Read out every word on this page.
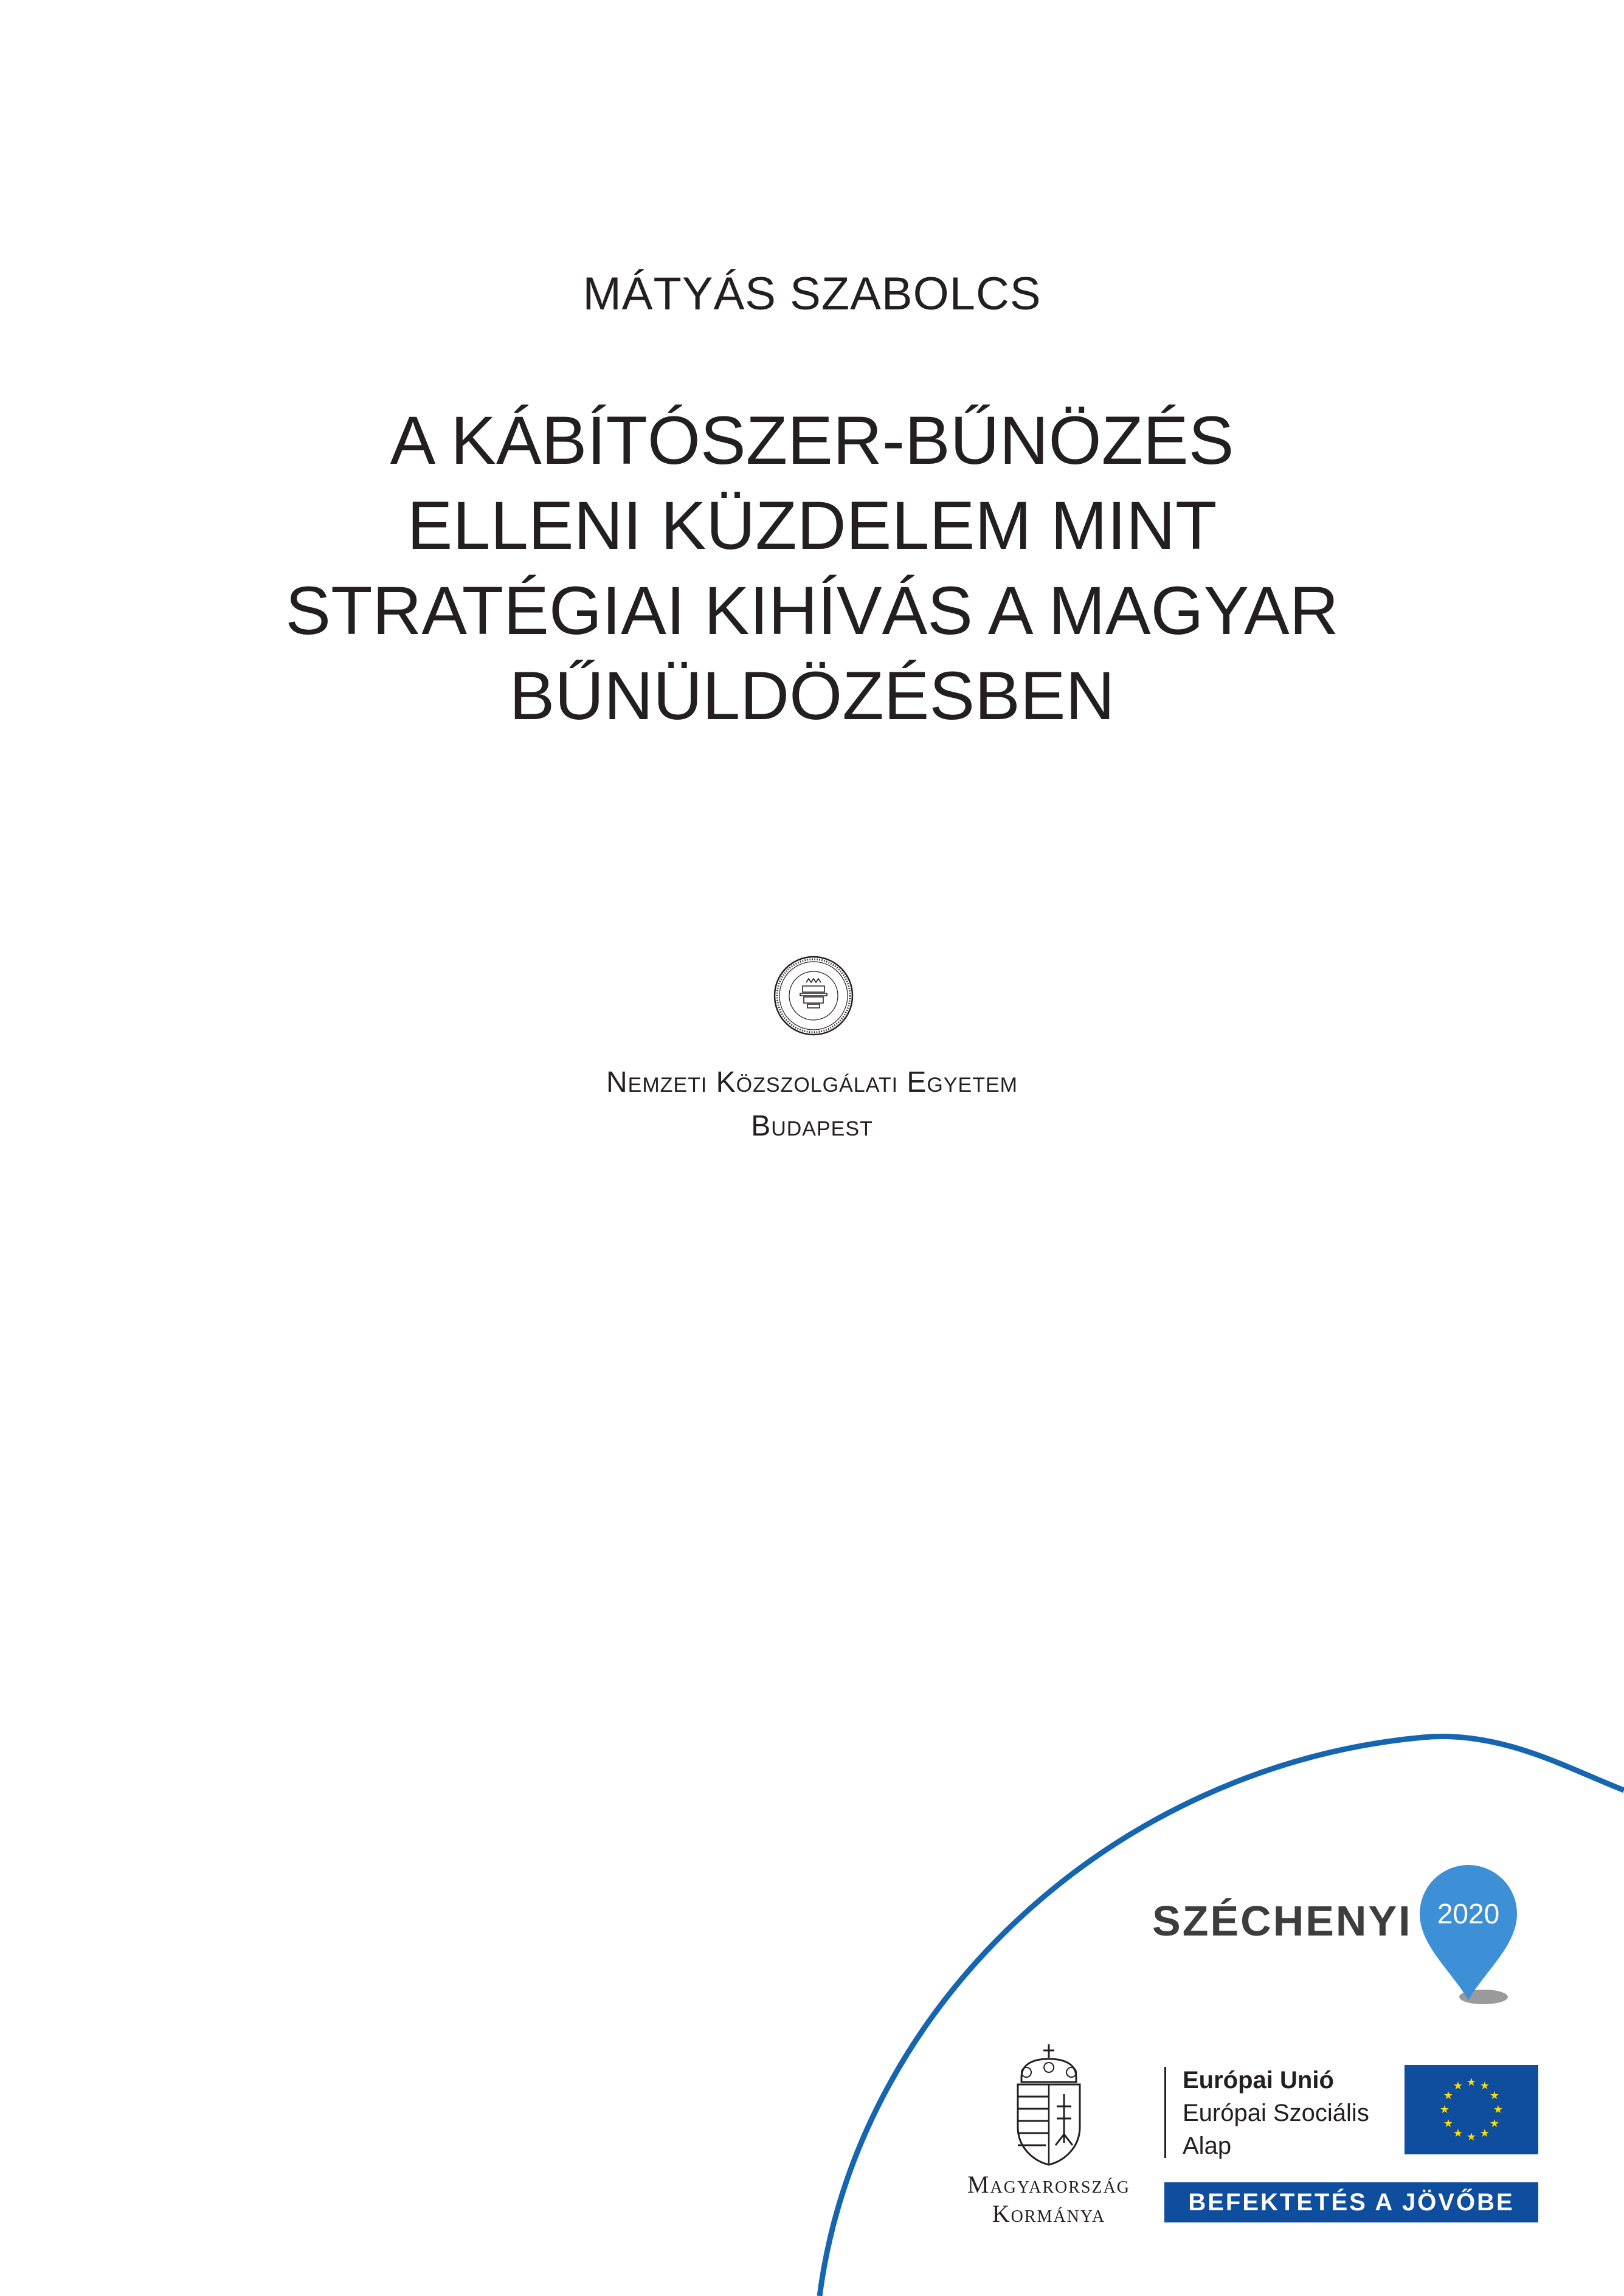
MÁTYÁS SZABOLCS
A KÁBÍTÓSZER-BŰNÖZÉS
ELLENI KÜZDELEM MINT
STRATÉGIAI KIHÍVÁS A MAGYAR
BŰNÜLDÖZÉSBEN
Nemzeti Közszolgálati Egyetem
Budapest
SZÉCHENYI 2020
Magyarország
Kormánya
Európai Unió
Európai Szociális
Alap
★ ★
★
★
★
★
★
★
★
★
★
★
BEFEKTETÉS A JÖVŐBE
